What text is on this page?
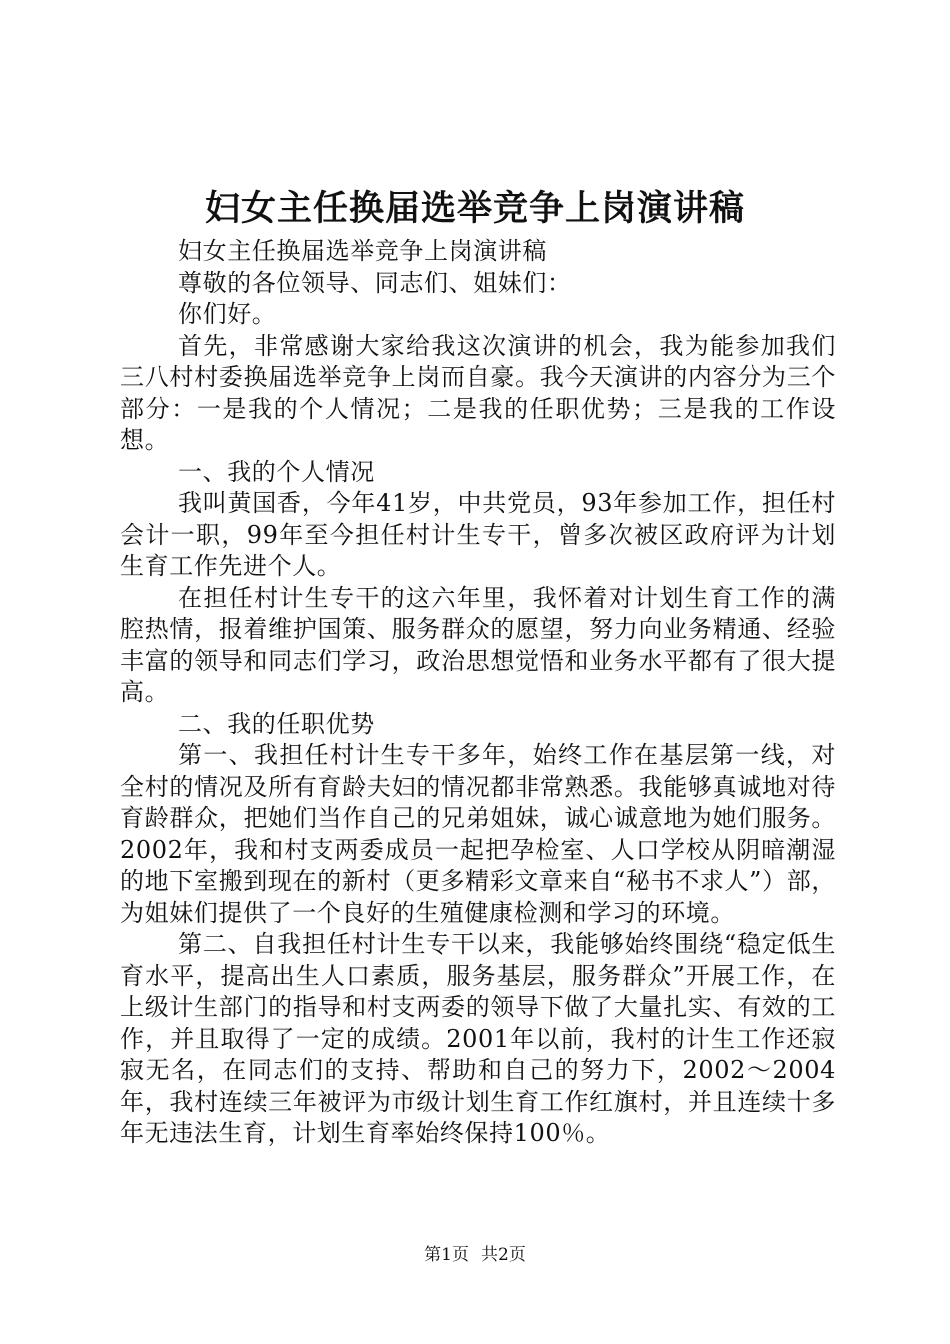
妇女主任换届选举竞争上岗演讲稿

妇女主任换届选举竞争上岗演讲稿

尊敬的各位领导、同志们、姐妹们：

你们好。

首先，非常感谢大家给我这次演讲的机会，我为能参加我们三八村村委换届选举竞争上岗而自豪。我今天演讲的内容分为三个部分：一是我的个人情况；二是我的任职优势；三是我的工作设想。

一、我的个人情况

我叫黄国香，今年41岁，中共党员，93年参加工作，担任村会计一职，99年至今担任村计生专干，曾多次被区政府评为计划生育工作先进个人。

在担任村计生专干的这六年里，我怀着对计划生育工作的满腔热情，报着维护国策、服务群众的愿望，努力向业务精通、经验丰富的领导和同志们学习，政治思想觉悟和业务水平都有了很大提高。

二、我的任职优势

第一、我担任村计生专干多年，始终工作在基层第一线，对全村的情况及所有育龄夫妇的情况都非常熟悉。我能够真诚地对待育龄群众，把她们当作自己的兄弟姐妹，诚心诚意地为她们服务。2002年，我和村支两委成员一起把孕检室、人口学校从阴暗潮湿的地下室搬到现在的新村（更多精彩文章来自“秘书不求人”）部，为姐妹们提供了一个良好的生殖健康检测和学习的环境。

第二、自我担任村计生专干以来，我能够始终围绕“稳定低生育水平，提高出生人口素质，服务基层，服务群众”开展工作，在上级计生部门的指导和村支两委的领导下做了大量扎实、有效的工作，并且取得了一定的成绩。2001年以前，我村的计生工作还寂寂无名，在同志们的支持、帮助和自己的努力下，2002～2004年，我村连续三年被评为市级计划生育工作红旗村，并且连续十多年无违法生育，计划生育率始终保持100％。

第1页 共2页
